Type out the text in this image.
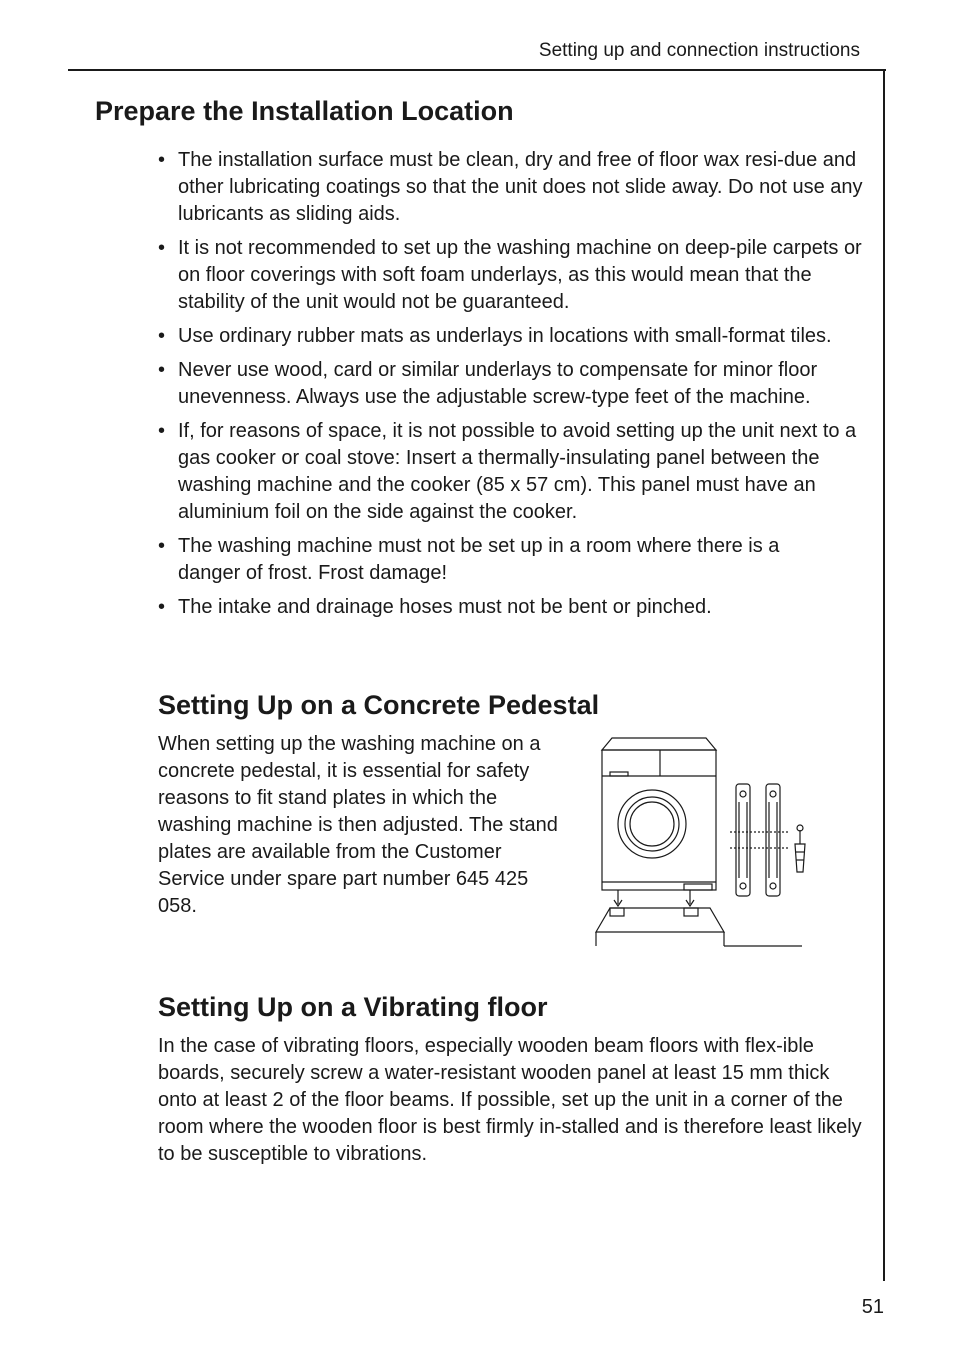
Setting up and connection instructions
Prepare the Installation Location
• The installation surface must be clean, dry and free of floor wax resi-due and other lubricating coatings so that the unit does not slide away. Do not use any lubricants as sliding aids.
• It is not recommended to set up the washing machine on deep-pile carpets or on floor coverings with soft foam underlays, as this would mean that the stability of the unit would not be guaranteed.
• Use ordinary rubber mats as underlays in locations with small-format tiles.
• Never use wood, card or similar underlays to compensate for minor floor unevenness. Always use the adjustable screw-type feet of the machine.
• If, for reasons of space, it is not possible to avoid setting up the unit next to a gas cooker or coal stove: Insert a thermally-insulating panel between the washing machine and the cooker (85 x 57 cm). This panel must have an aluminium foil on the side against the cooker.
• The washing machine must not be set up in a room where there is a danger of frost. Frost damage!
• The intake and drainage hoses must not be bent or pinched.
Setting Up on a Concrete Pedestal

When setting up the washing machine on a concrete pedestal, it is essential for safety reasons to fit stand plates in which the washing machine is then adjusted. The stand plates are available from the Customer Service under spare part number 645 425 058.

Setting Up on a Vibrating floor

In the case of vibrating floors, especially wooden beam floors with flex-ible boards, securely screw a water-resistant wooden panel at least 15 mm thick onto at least 2 of the floor beams. If possible, set up the unit in a corner of the room where the wooden floor is best firmly in-stalled and is therefore least likely to be susceptible to vibrations.

51
